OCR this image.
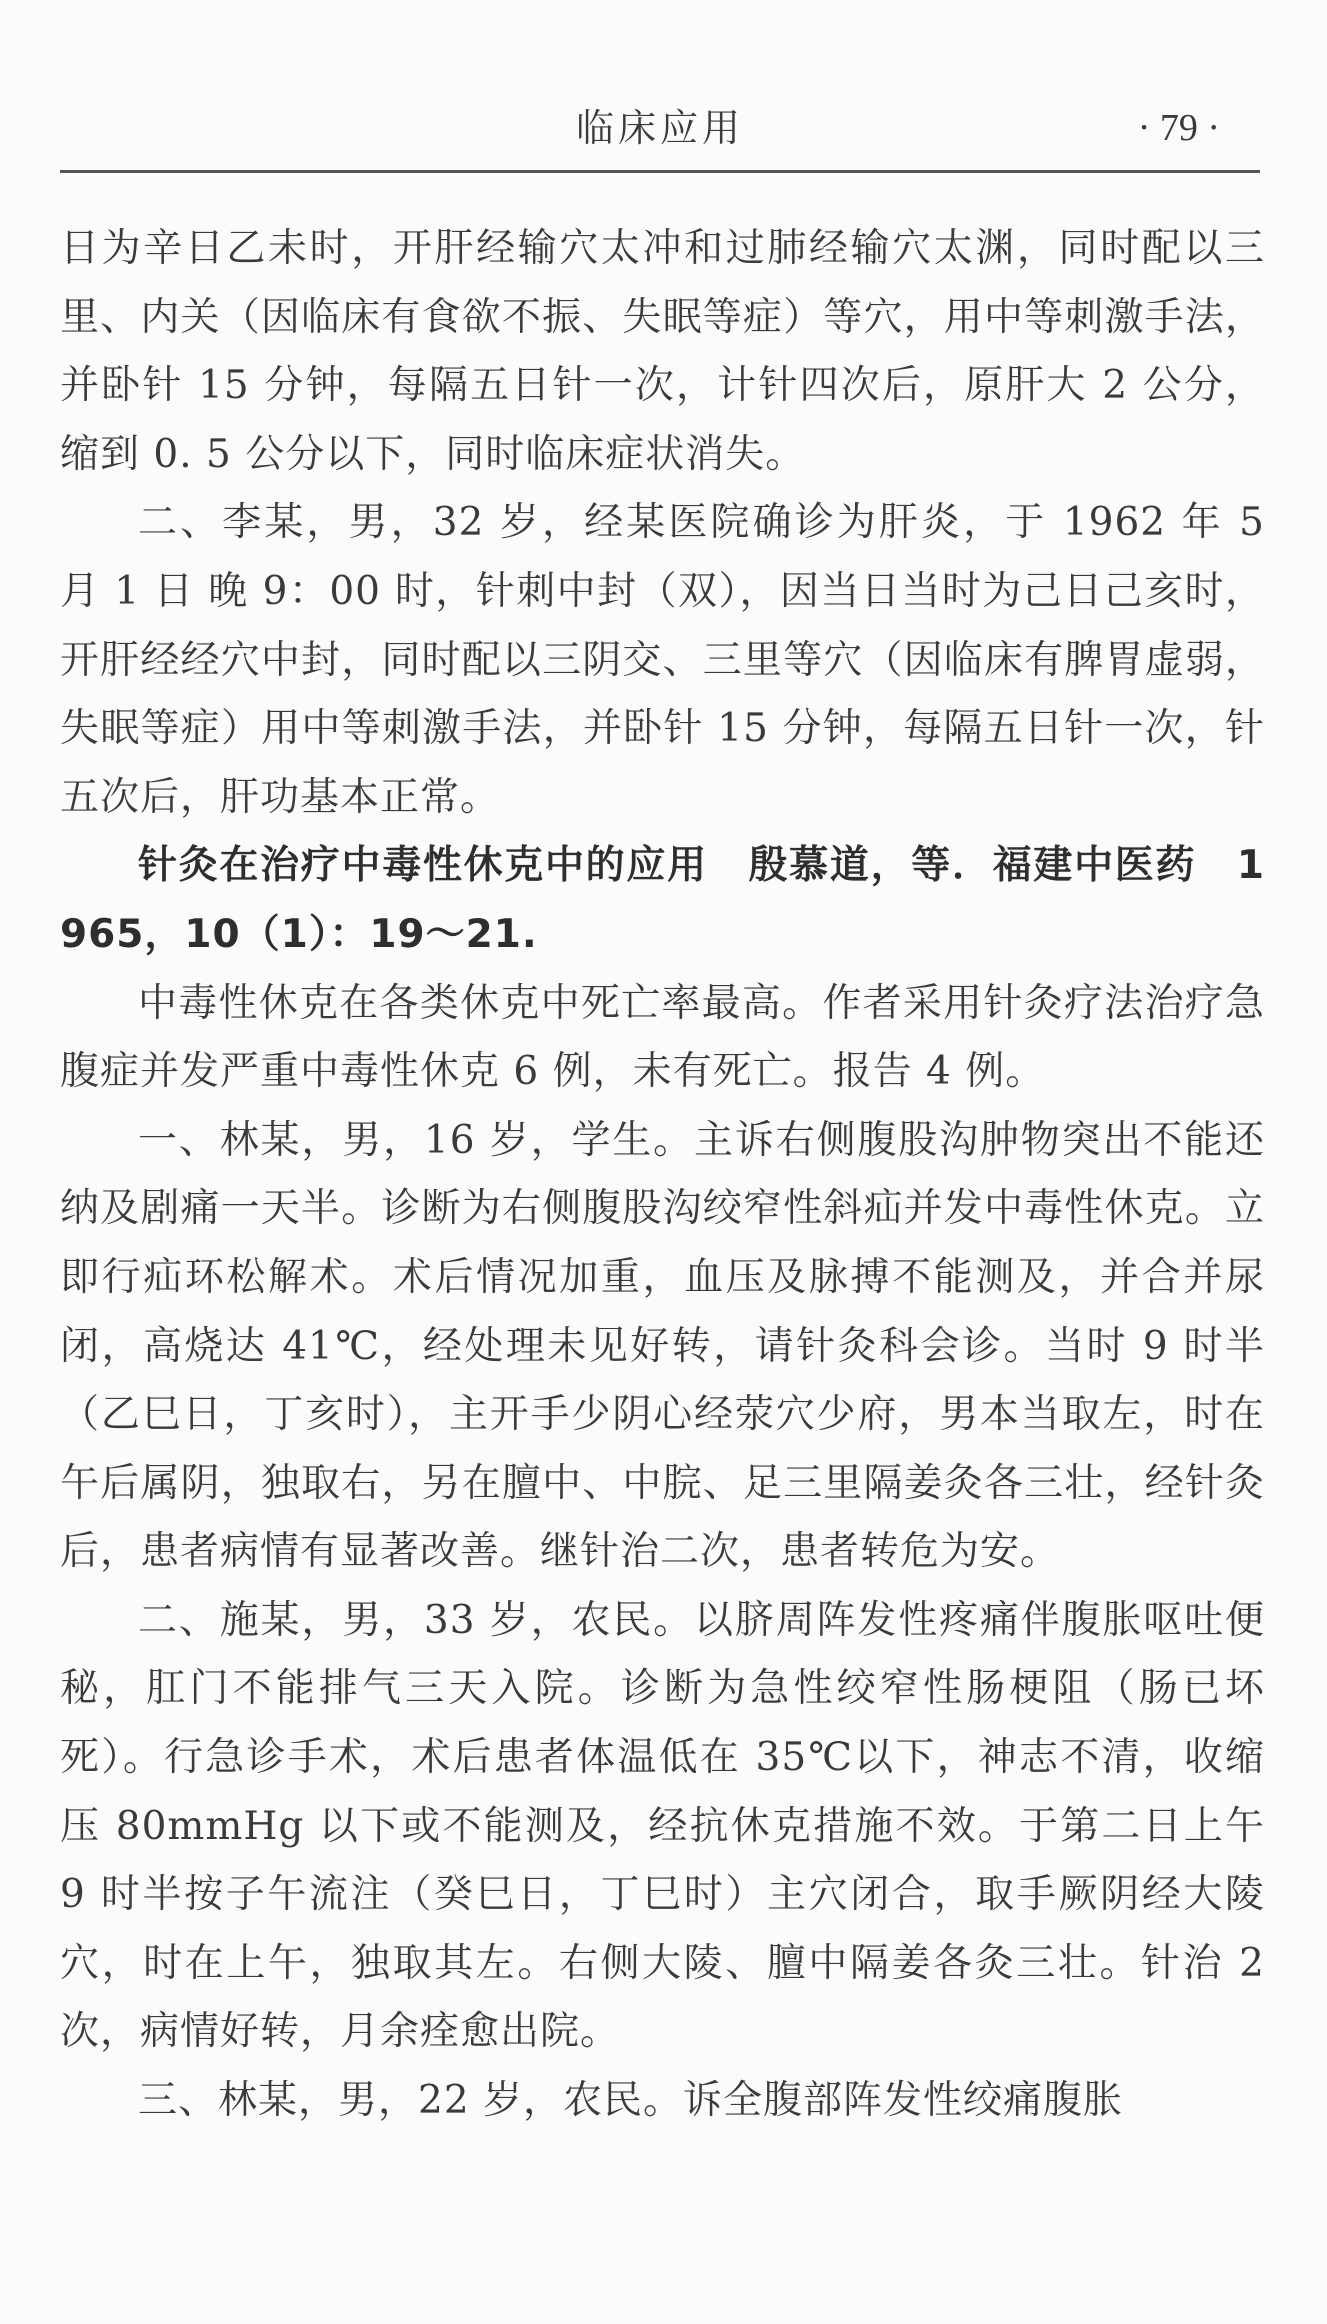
临床应用	· 79 ·

日为辛日乙未时，开肝经输穴太冲和过肺经输穴太渊，同时配以三里、内关（因临床有食欲不振、失眠等症）等穴，用中等刺激手法，并卧针 15 分钟，每隔五日针一次，计针四次后，原肝大 2 公分，缩到 0. 5 公分以下，同时临床症状消失。

二、李某，男，32 岁，经某医院确诊为肝炎，于 1962 年 5 月 1 日 晚 9：00 时，针刺中封（双），因当日当时为己日己亥时，开肝经经穴中封，同时配以三阴交、三里等穴（因临床有脾胃虚弱，失眠等症）用中等刺激手法，并卧针 15 分钟，每隔五日针一次，针五次后，肝功基本正常。

针灸在治疗中毒性休克中的应用　殷慕道，等．福建中医药　1965，10（1）：19～21.

中毒性休克在各类休克中死亡率最高。作者采用针灸疗法治疗急腹症并发严重中毒性休克 6 例，未有死亡。报告 4 例。

一、林某，男，16 岁，学生。主诉右侧腹股沟肿物突出不能还纳及剧痛一天半。诊断为右侧腹股沟绞窄性斜疝并发中毒性休克。立即行疝环松解术。术后情况加重，血压及脉搏不能测及，并合并尿闭，高烧达 41℃，经处理未见好转，请针灸科会诊。当时 9 时半（乙巳日，丁亥时），主开手少阴心经荥穴少府，男本当取左，时在午后属阴，独取右，另在膻中、中脘、足三里隔姜灸各三壮，经针灸后，患者病情有显著改善。继针治二次，患者转危为安。

二、施某，男，33 岁，农民。以脐周阵发性疼痛伴腹胀呕吐便秘，肛门不能排气三天入院。诊断为急性绞窄性肠梗阻（肠已坏死）。行急诊手术，术后患者体温低在 35℃以下，神志不清，收缩压 80mmHg 以下或不能测及，经抗休克措施不效。于第二日上午 9 时半按子午流注（癸巳日，丁巳时）主穴闭合，取手厥阴经大陵穴，时在上午，独取其左。右侧大陵、膻中隔姜各灸三壮。针治 2 次，病情好转，月余痊愈出院。

三、林某，男，22 岁，农民。诉全腹部阵发性绞痛腹胀
